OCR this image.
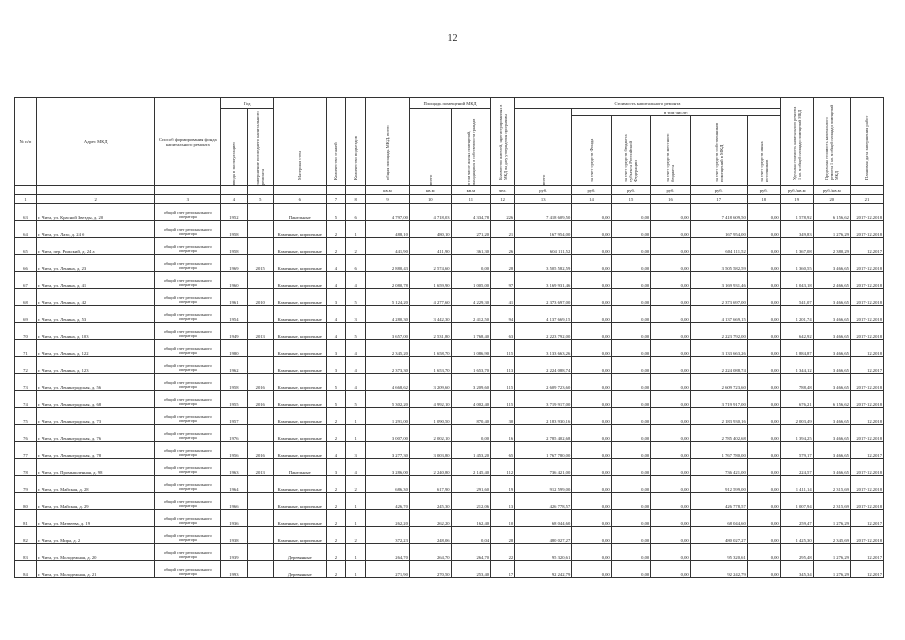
12
№ п/п	Адрес МКД	Способ формирования фонда капитального ремонта	Год		Материал стен	Количество этажей	Количество подъездов	общая площадь МКД, всего	Площадь помещений МКД		Количество жителей, зарегистрированных в МКД на дату утверждения программы	Стоимость капитального ремонта						Удельная стоимость капитального ремонта 1 кв. м общей площади помещений МКД	Предельная стоимость капитального ремонта 1 кв. м общей площади помещений МКД	Плановая дата завершения работ

			ввода в эксплуатацию	завершение последнего капитального ремонта					всего	в том числе жилых помещений, находящихся в собственности граждан		всего	в том числе:							

													за счет средств Фонда	за счет средств бюджета субъекта Российской Федерации	за счет средств местного бюджета	за счет средств собственников помещений в МКД	за счет средств иных источников			

								кв.м	кв.м	кв.м	чел.	руб.	руб.	руб.	руб.	руб.	руб.	руб./кв.м	руб./кв.м	
1	2	3	4	5	6	7	8	9	10	11	12	13	14	15	16	17	18	19	20	21
63	г. Чита, ул. Красной Звезды, д. 20	общий счет регионального оператора	1952		Панельные	5	6	4 797,00	4 718,03	4 334,78	226	7 418 609,50	0,00	0,00	0,00	7 418 609,50	0,00	1 578,92	6 156,62	2017-12.2018
64	г. Чита, ул. Лазо, д. 24 б	общий счет регионального оператора	1958		Каменные, кирпичные	2	1	488,10	480,10	271,20	21	167 954,00	0,00	0,00	0,00	167 954,00	0,00	349,83	1 276,29	2017-12.2018
65	г. Чита, пер. Рижский, д. 24 а	общий счет регионального оператора	1958		Каменные, кирпичные	2	2	441,90	411,90	361,30	26	604 111,52	0,00	0,00	0,00	604 111,52	0,00	1 367,08	2 380,29	12.2017
66	г. Чита, ул. Ленина, д. 23	общий счет регионального оператора	1969	2015	Каменные, кирпичные	4	6	2 880,43	2 574,60	0,00	28	3 505 582,59	0,00	0,00	0,00	3 505 582,59	0,00	1 360,55	3 466,65	2017-12.2018
67	г. Чита, ул. Ленина, д. 41	общий счет регионального оператора	1960		Каменные, кирпичные	4	4	2 080,78	1 659,90	1 005,00	97	3 169 931,46	0,00	0,00	0,00	3 169 931,46	0,00	1 043,18	2 466,65	2017-12.2018
68	г. Чита, ул. Ленина, д. 42	общий счет регионального оператора	1961	2010	Каменные, кирпичные	3	5	5 124,20	4 277,60	4 229,30	41	2 373 697,00	0,00	0,00	0,00	2 373 697,00	0,00	541,07	3 466,65	2017-12.2018
69	г. Чита, ул. Ленина, д. 53	общий счет регионального оператора	1954		Каменные, кирпичные	4	3	4 280,30	3 442,30	2 412,50	94	4 137 669,15	0,00	0,00	0,00	4 137 669,15	0,00	1 201,74	3 466,65	2017-12.2018
70	г. Чита, ул. Ленина, д. 103	общий счет регионального оператора	1949	2013	Каменные, кирпичные	4	5	3 657,00	2 531,80	1 768,40	63	2 223 792,00	0,00	0,00	0,00	2 223 792,00	0,00	642,92	3 466,65	2017-12.2018
71	г. Чита, ул. Ленина, д. 122	общий счет регионального оператора	1980		Каменные, кирпичные	3	4	2 345,20	1 658,70	1 086,90	115	3 133 663,26	0,00	0,00	0,00	3 133 663,26	0,00	1 884,87	3 466,65	12.2018
72	г. Чита, ул. Ленина, д. 123	общий счет регионального оператора	1962		Каменные, кирпичные	3	4	2 373,30	1 653,70	1 653,70	113	2 224 088,74	0,00	0,00	0,00	2 224 088,74	0,00	1 344,12	3 466,65	12.2017
73	г. Чита, ул. Ленинградская, д. 56	общий счет регионального оператора	1958	2016	Каменные, кирпичные	5	4	4 668,62	3 209,60	3 209,60	115	2 609 723,60	0,00	0,00	0,00	2 609 723,60	0,00	788,48	3 466,65	2017-12.2018
74	г. Чита, ул. Ленинградская, д. 68	общий счет регионального оператора	1955	2016	Каменные, кирпичные	5	5	5 302,20	4 992,10	4 002,40	115	3 719 917,00	0,00	0,00	0,00	3 719 917,00	0,00	676,21	6 156,62	2017-12.2018
75	г. Чита, ул. Ленинградская, д. 73	общий счет регионального оператора	1957		Каменные, кирпичные	2	1	1 291,00	1 090,50	870,40	30	2 183 930,16	0,00	0,00	0,00	2 183 930,16	0,00	2 003,49	3 466,65	12.2018
76	г. Чита, ул. Ленинградская, д. 76	общий счет регионального оператора	1976		Каменные, кирпичные	2	1	3 007,00	2 002,10	0,00	16	2 785 402,68	0,00	0,00	0,00	2 785 402,68	0,00	1 394,25	3 466,65	2017-12.2018
77	г. Чита, ул. Ленинградская, д. 78	общий счет регионального оператора	1956	2016	Каменные, кирпичные	4	3	3 277,30	3 003,80	1 453,20	65	1 767 780,00	0,00	0,00	0,00	1 767 780,00	0,00	579,17	3 466,65	12.2017
78	г. Чита, ул. Промышленная, д. 98	общий счет регионального оператора	1963	2013	Панельные	3	4	3 286,00	2 240,80	2 145,40	112	736 421,00	0,00	0,00	0,00	736 421,00	0,00	224,57	3 466,65	2017-12.2018
79	г. Чита, ул. Майская, д. 28	общий счет регионального оператора	1964		Каменные, кирпичные	2	2	686,30	617,90	291,60	19	912 599,00	0,00	0,00	0,00	912 599,00	0,00	1 411,14	2 315,69	2017-12.2018
80	г. Чита, ул. Майская, д. 29	общий счет регионального оператора	1966		Каменные, кирпичные	2	1	426,70	245,30	212,06	13	426 778,57	0,00	0,00	0,00	426 778,57	0,00	1 007,94	2 315,69	2017-12.2018
81	г. Чита, ул. Матвеева, д. 19	общий счет регионального оператора	1936		Каменные, кирпичные	2	1	262,20	262,20	162,40	10	68 044,60	0,00	0,00	0,00	68 044,60	0,00	259,47	1 276,29	12.2017
82	г. Чита, ул. Мира, д. 2	общий счет регионального оператора	1938		Каменные, кирпичные	2	2	372,23	248,06	0,04	28	480 027,27	0,00	0,00	0,00	480 027,27	0,00	1 425,30	2 345,69	2017-12.2018
83	г. Чита, ул. Молодежная, д. 20	общий счет регионального оператора	1939		Деревянные	2	1	264,70	264,70	264,70	22	95 320,61	0,00	0,00	0,00	95 320,61	0,00	295,48	1 276,29	12.2017
84	г. Чита, ул. Молодежная, д. 21	общий счет регионального оператора	1993		Деревянные	2	1	271,90	270,50	253,40	17	92 242,79	0,00	0,00	0,00	92 242,79	0,00	345,34	1 276,29	12.2017
